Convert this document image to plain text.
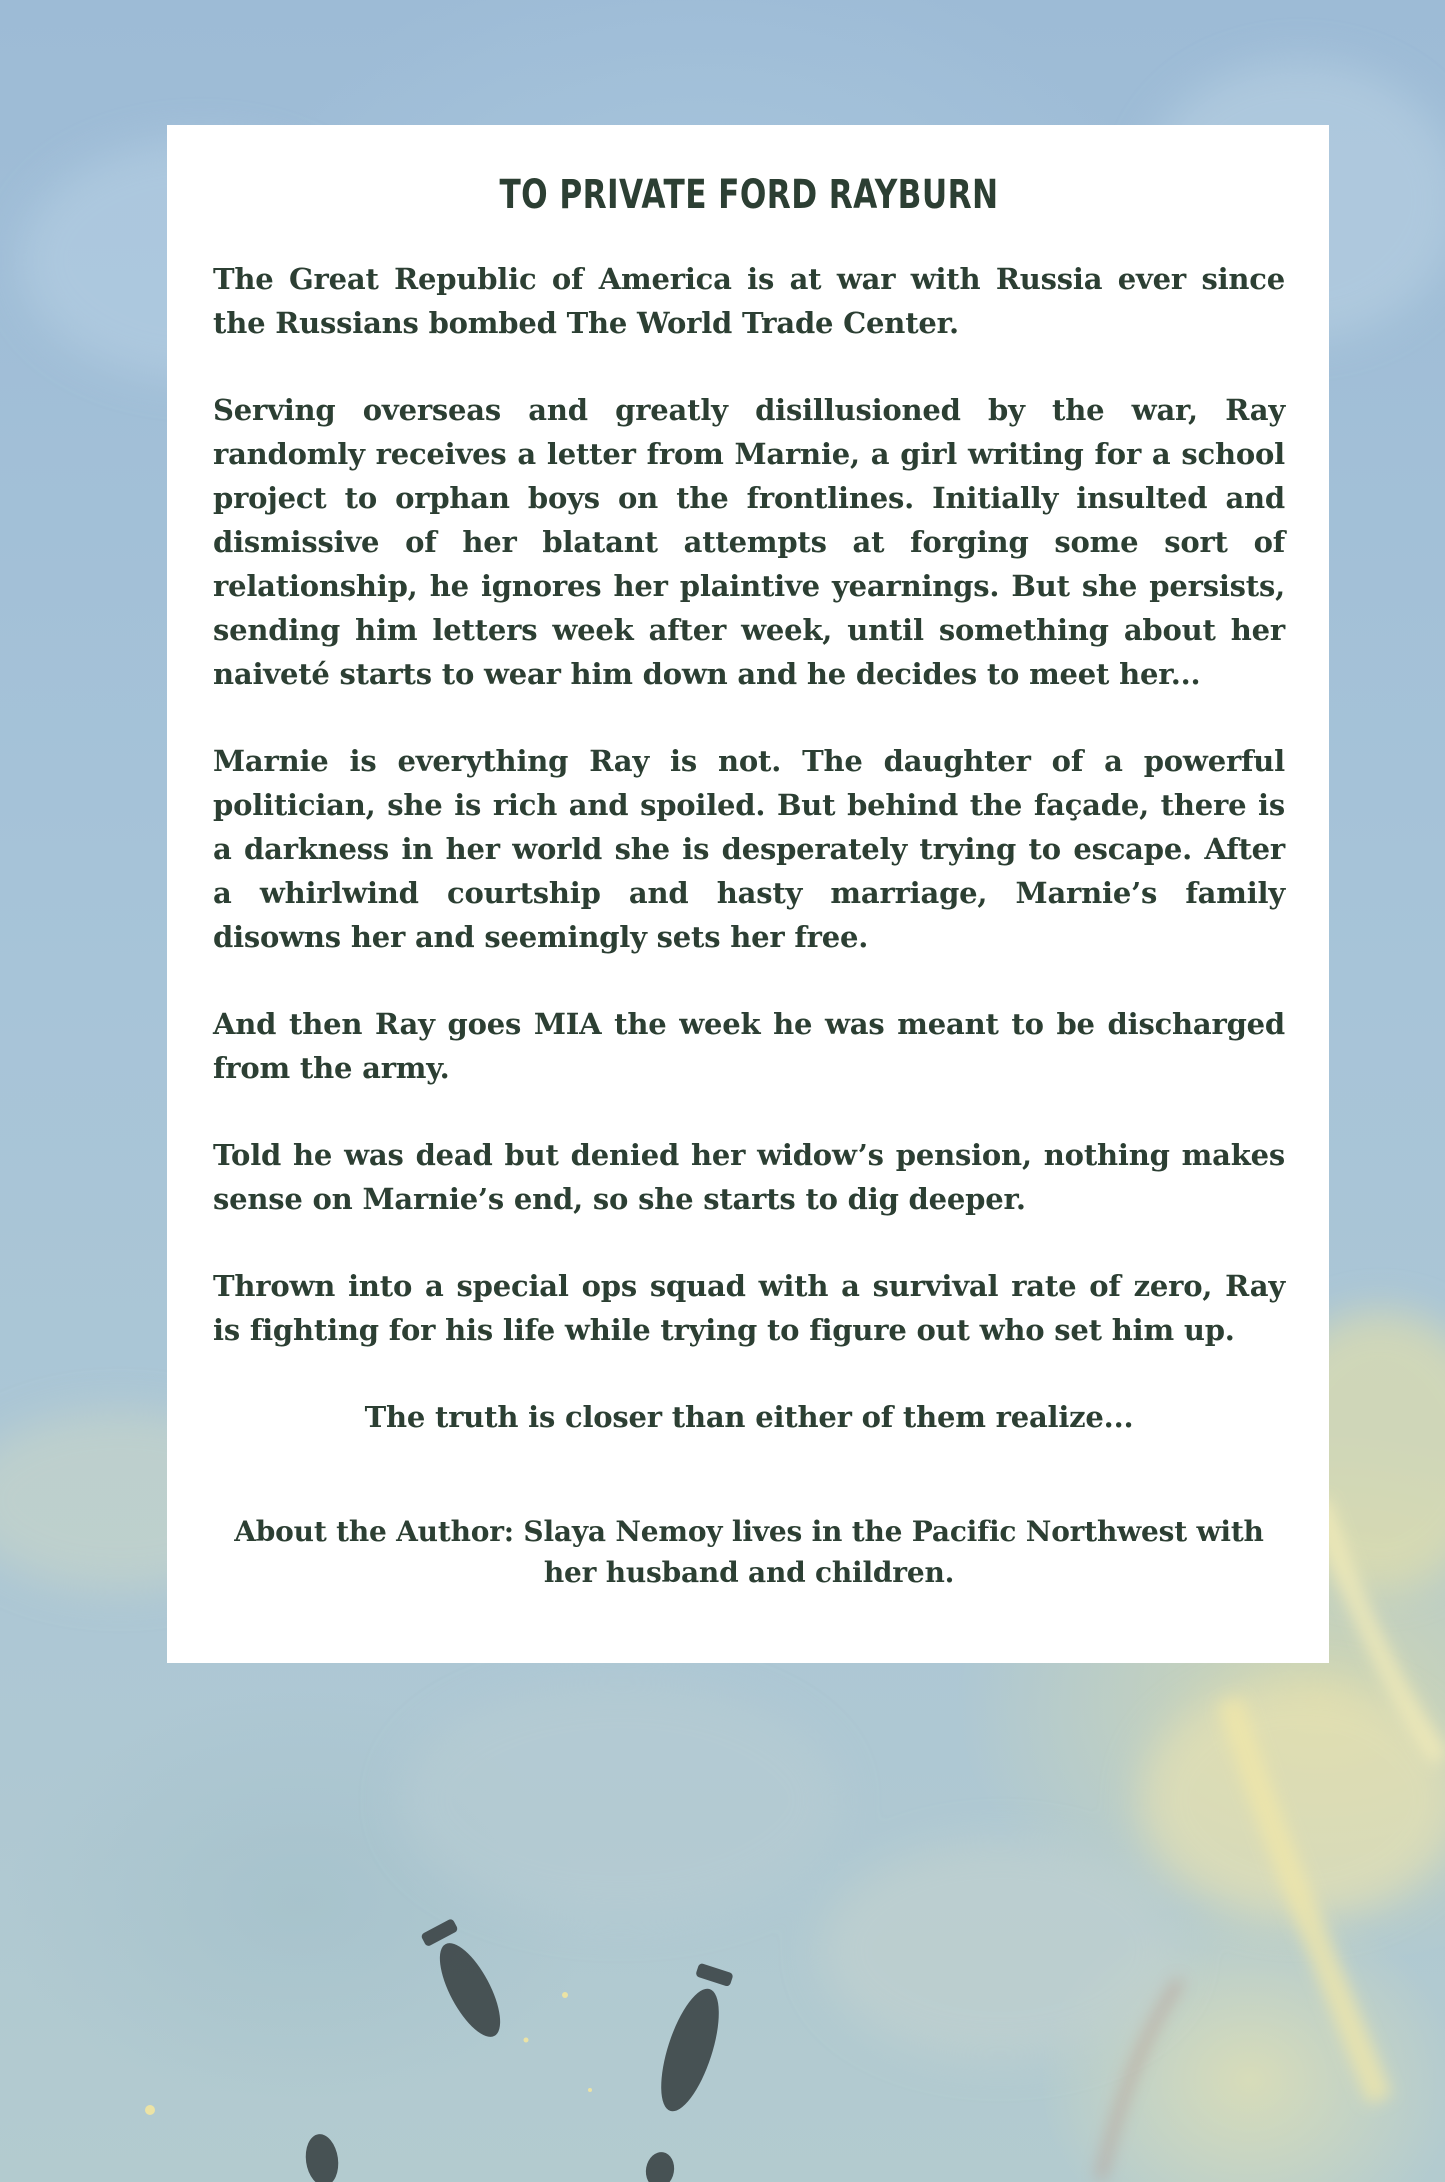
TO PRIVATE FORD RAYBURN

The Great Republic of America is at war with Russia ever since the Russians bombed The World Trade Center.

Serving overseas and greatly disillusioned by the war, Ray randomly receives a letter from Marnie, a girl writing for a school project to orphan boys on the frontlines. Initially insulted and dismissive of her blatant attempts at forging some sort of relationship, he ignores her plaintive yearnings. But she persists, sending him letters week after week, until something about her naiveté starts to wear him down and he decides to meet her...

Marnie is everything Ray is not. The daughter of a powerful politician, she is rich and spoiled. But behind the façade, there is a darkness in her world she is desperately trying to escape. After a whirlwind courtship and hasty marriage, Marnie’s family disowns her and seemingly sets her free.

And then Ray goes MIA the week he was meant to be discharged from the army.

Told he was dead but denied her widow’s pension, nothing makes sense on Marnie’s end, so she starts to dig deeper.

Thrown into a special ops squad with a survival rate of zero, Ray is fighting for his life while trying to figure out who set him up.

The truth is closer than either of them realize...

About the Author: Slaya Nemoy lives in the Pacific Northwest with her husband and children.
